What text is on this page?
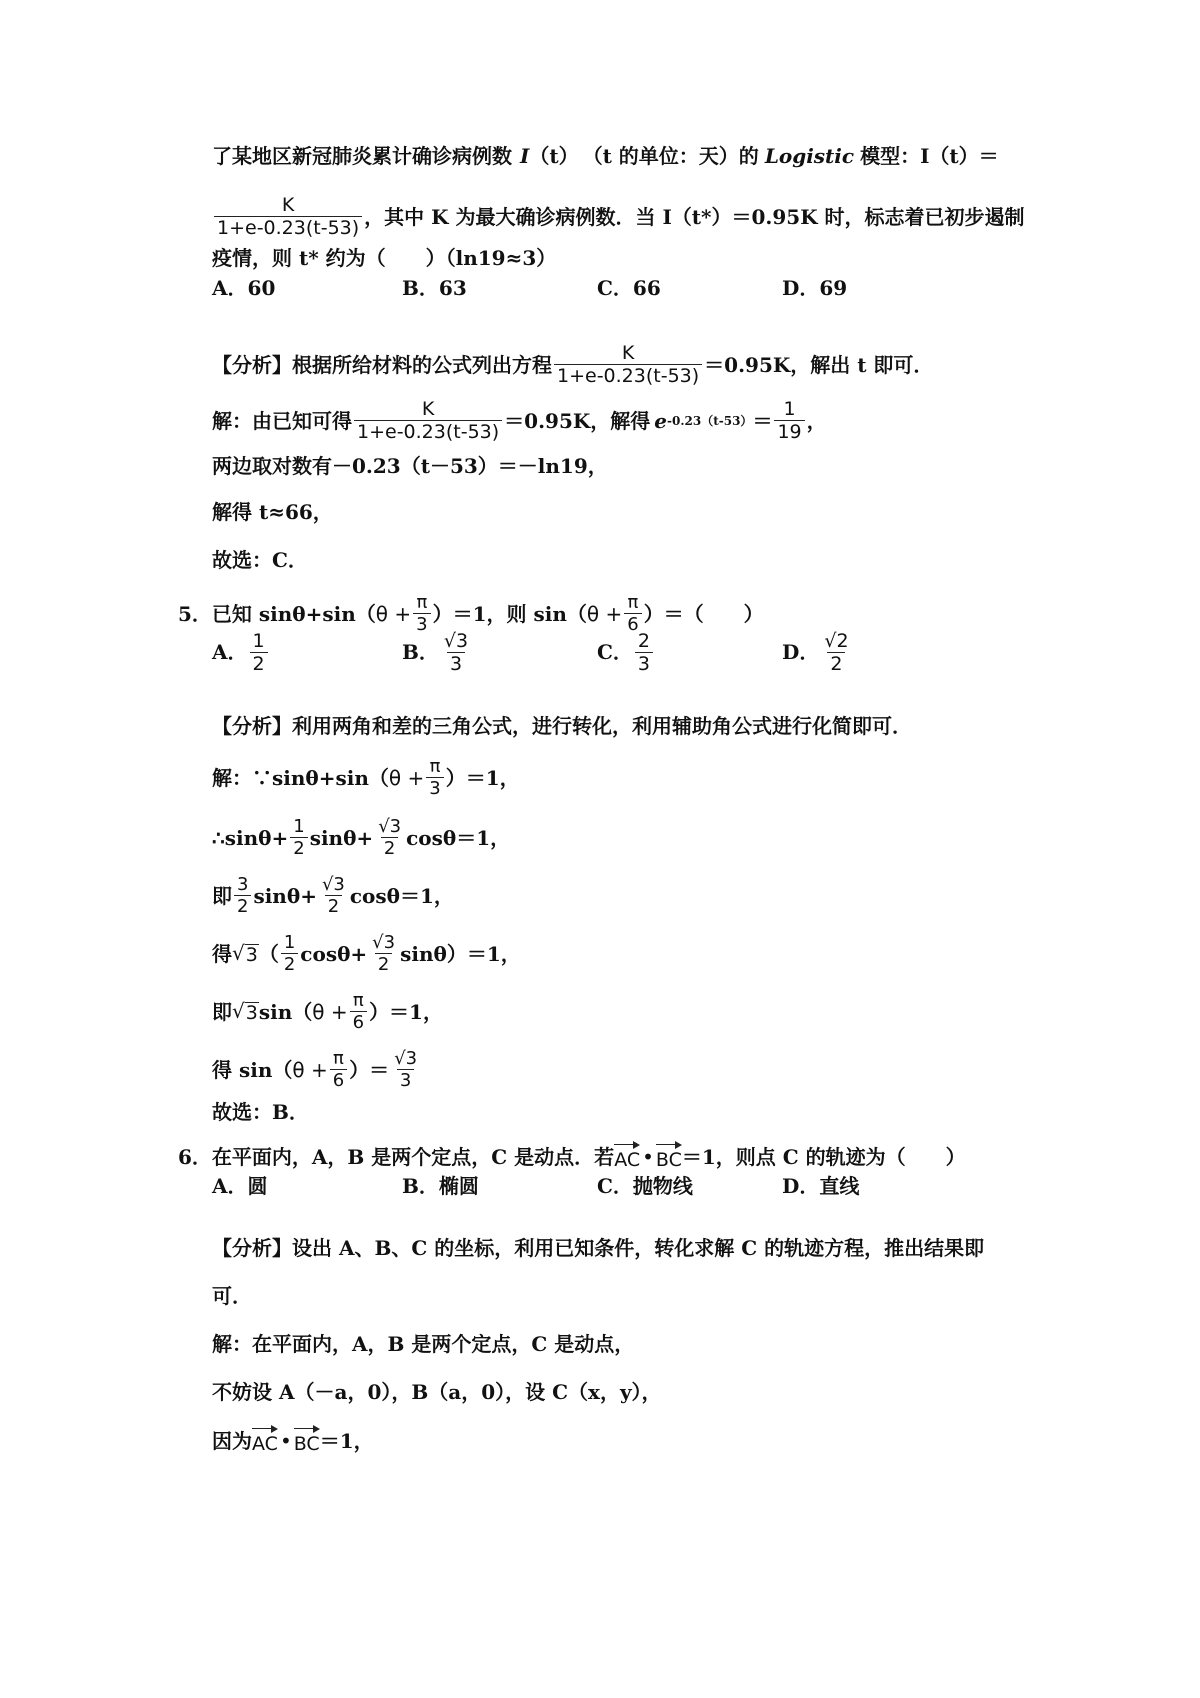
了某地区新冠肺炎累计确诊病例数 I （t） （t 的单位：天）的 Logistic 模型： I（t）＝
$\frac{K}{1+e-0.23(t-53)}$ ，其中 K 为最大确诊病例数．当 I（t*）＝0.95K 时，标志着已初步遏制
疫情，则 t* 约为（　　）（ln19≈3）
A．60	B．63	C．66	D．69
【分析】根据所给材料的公式列出方程 $\frac{K}{1+e-0.23(t-53)} =0.95K$，解出 t 即可．
解：由已知可得 $\frac{K}{1+e-0.23(t-53)} =0.95K$，解得 e $-0.23(t-53) = \frac{1}{19}$ ，
两边取对数有－0.23（t－53）＝－ln19，
解得 t≈66，
故选：C．
5．已知 sinθ+sin（ $\theta + \frac{\pi}{3} )=1$，则 sin（ $\theta + \frac{\pi}{6}$ ）＝（　　）
A． $\frac{1}{2}$	B． $\frac{√3}{3}$	C． $\frac{2}{3}$	D． $\frac{√2}{2}$
【分析】利用两角和差的三角公式，进行转化，利用辅助角公式进行化简即可．
解：∵sinθ+sin（ $\theta + \frac{\pi}{3} )=1$，
∴sinθ+ $\frac{1}{2} \sin\theta+ \frac{√3}{2} \cos\theta=1$，
即 $\frac{3}{2} \sin\theta+ \frac{√3}{2} \cos\theta=1$，
得 √ 3 （ $\frac{1}{2} \cos\theta+ \frac{√3}{2} \sin\theta)=1$，
即 √ 3 sin（ $\theta + \frac{\pi}{6} )=1$，
得 sin（ $\theta + \frac{\pi}{6}$ ）＝ $\frac{√3}{3}$
故选：B．
6．在平面内，A，B 是两个定点，C 是动点．若 AC • BC ＝1，则点 C 的轨迹为（　　）
A．圆	B．椭圆	C．抛物线	D．直线
【分析】设出 A、B、C 的坐标，利用已知条件，转化求解 C 的轨迹方程，推出结果即
可．
解：在平面内，A，B 是两个定点，C 是动点，
不妨设 A（－a，0），B（a，0），设 C（x，y），
因为 AC • BC ＝1，
